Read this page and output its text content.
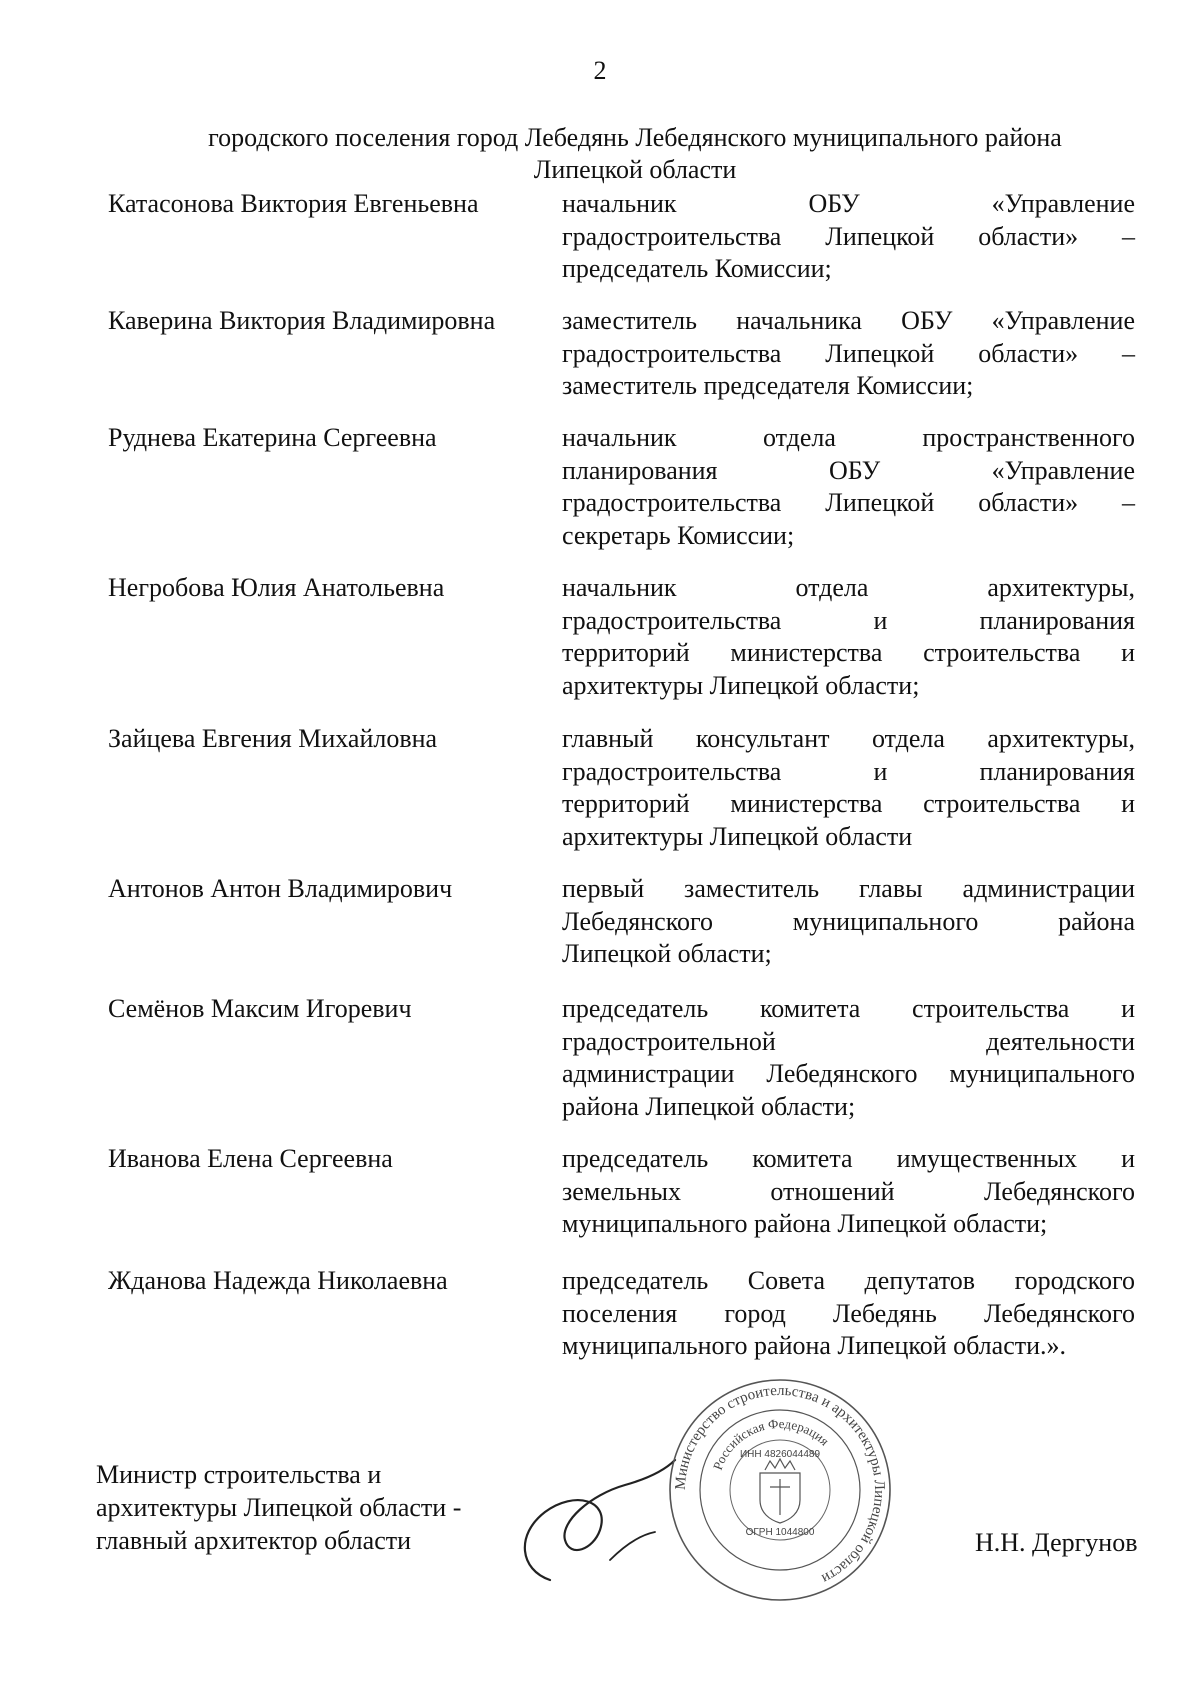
2
городского поселения город Лебедянь Лебедянского муниципального района
Липецкой области
Катасонова Виктория Евгеньевна	начальник ОБУ «Управление
градостроительства Липецкой области» –
председатель Комиссии;
Каверина Виктория Владимировна	заместитель начальника ОБУ «Управление
градостроительства Липецкой области» –
заместитель председателя Комиссии;
Руднева Екатерина Сергеевна	начальник отдела пространственного
планирования ОБУ «Управление
градостроительства Липецкой области» –
секретарь Комиссии;
Негробова Юлия Анатольевна	начальник отдела архитектуры,
градостроительства и планирования
территорий министерства строительства и
архитектуры Липецкой области;
Зайцева Евгения Михайловна	главный консультант отдела архитектуры,
градостроительства и планирования
территорий министерства строительства и
архитектуры Липецкой области
Антонов Антон Владимирович	первый заместитель главы администрации
Лебедянского муниципального района
Липецкой области;
Семёнов Максим Игоревич	председатель комитета строительства и
градостроительной деятельности
администрации Лебедянского муниципального
района Липецкой области;
Иванова Елена Сергеевна	председатель комитета имущественных и
земельных отношений Лебедянского
муниципального района Липецкой области;
Жданова Надежда Николаевна	председатель Совета депутатов городского
поселения город Лебедянь Лебедянского
муниципального района Липецкой области.».
Министр строительства и
архитектуры Липецкой области -
главный архитектор области
Министерство строительства и архитектуры Липецкой области
Российская Федерация
ИНН 4826044489
ОГРН 1044800	Н.Н. Дергунов
